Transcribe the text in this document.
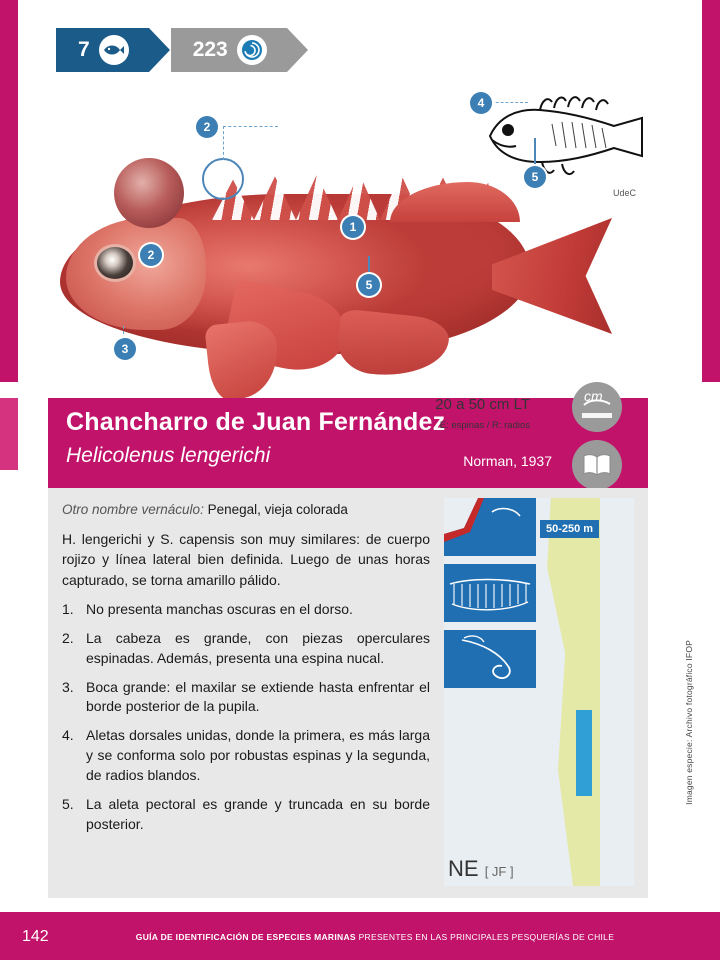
7	223
UdeC
2
2
1
5
3
4
5
Chancharro de Juan Fernández
Helicolenus lengerichi
20 a 50 cm LT
E: espinas / R: radios
Norman, 1937
cm
Otro nombre vernáculo: Penegal, vieja colorada
H. lengerichi y S. capensis son muy similares: de cuerpo rojizo y línea lateral bien definida. Luego de unas horas capturado, se torna amarillo pálido.
1. No presenta manchas oscuras en el dorso.
2. La cabeza es grande, con piezas operculares espinadas. Además, presenta una espina nucal.
3. Boca grande: el maxilar se extiende hasta enfrentar el borde posterior de la pupila.
4. Aletas dorsales unidas, donde la primera, es más larga y se conforma solo por robustas espinas y la segunda, de radios blandos.
5. La aleta pectoral es grande y truncada en su borde posterior.
50-250 m
NE [ JF ]
Imagen especie: Archivo fotográfico IFOP
142	GUÍA DE IDENTIFICACIÓN DE ESPECIES MARINAS PRESENTES EN LAS PRINCIPALES PESQUERÍAS DE CHILE
